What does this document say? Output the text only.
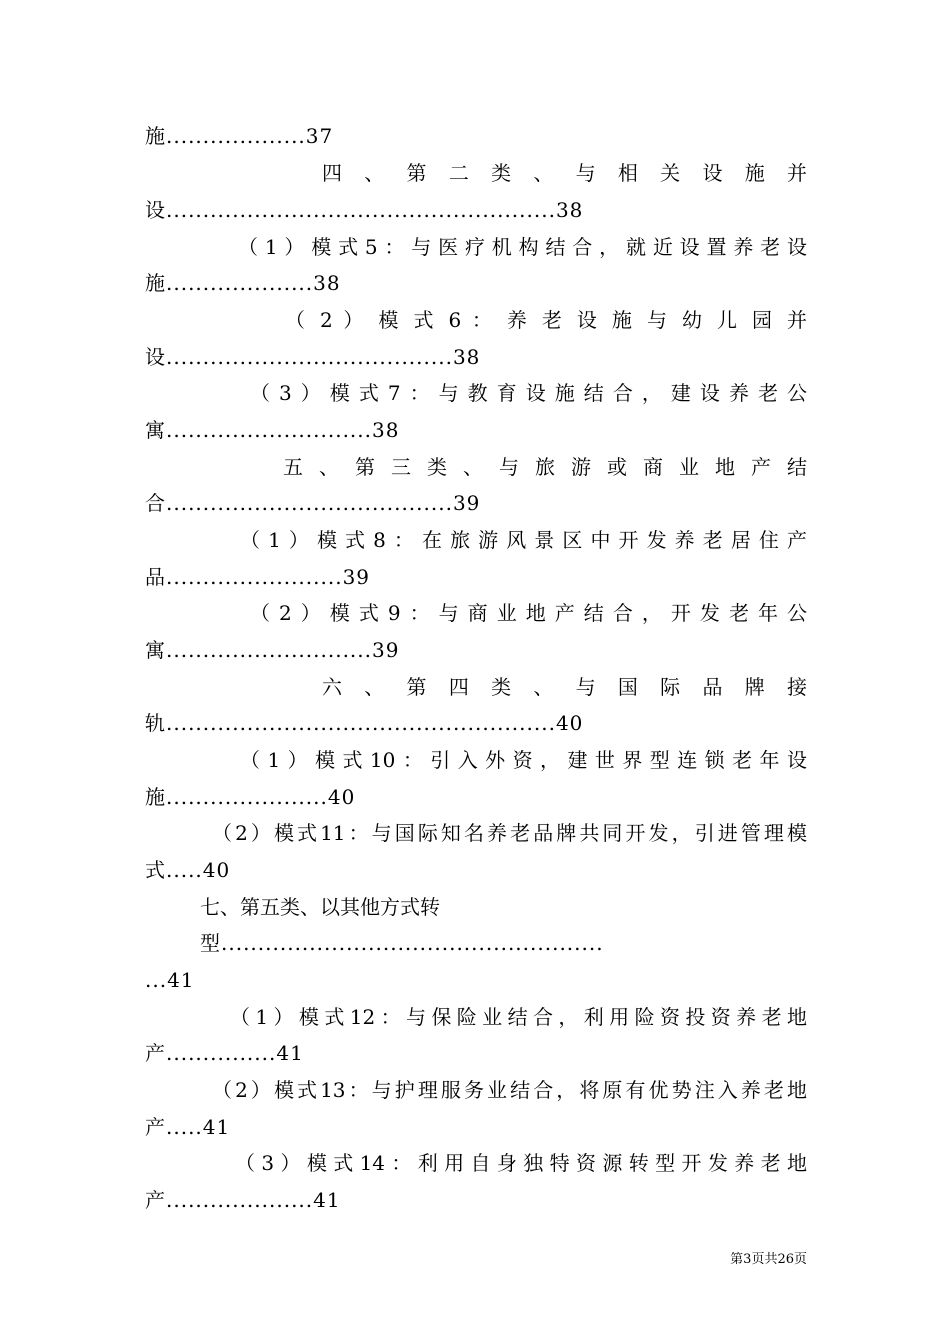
施...................37
四 、 第 二 类 、 与 相 关 设 施 并
设.....................................................38
（1）模式5：与医疗机构结合，就近设置养老设
施....................38
（ 2 ） 模 式 6 ： 养 老 设 施 与 幼 儿 园 并
设.......................................38
（3）模式7：与教育设施结合，建设养老公
寓............................38
五 、 第 三 类 、 与 旅 游 或 商 业 地 产 结
合.......................................39
（1）模式8：在旅游风景区中开发养老居住产
品........................39
（2）模式9：与商业地产结合，开发老年公
寓............................39
六 、 第 四 类 、 与 国 际 品 牌 接
轨.....................................................40
（1）模式10：引入外资，建世界型连锁老年设
施......................40
（2）模式11：与国际知名养老品牌共同开发，引进管理模
式.....40
七、第五类、以其他方式转
型....................................................
...41
（1）模式12：与保险业结合，利用险资投资养老地
产...............41
（2）模式13：与护理服务业结合，将原有优势注入养老地
产.....41
（3）模式14：利用自身独特资源转型开发养老地
产....................41
第3页共26页
